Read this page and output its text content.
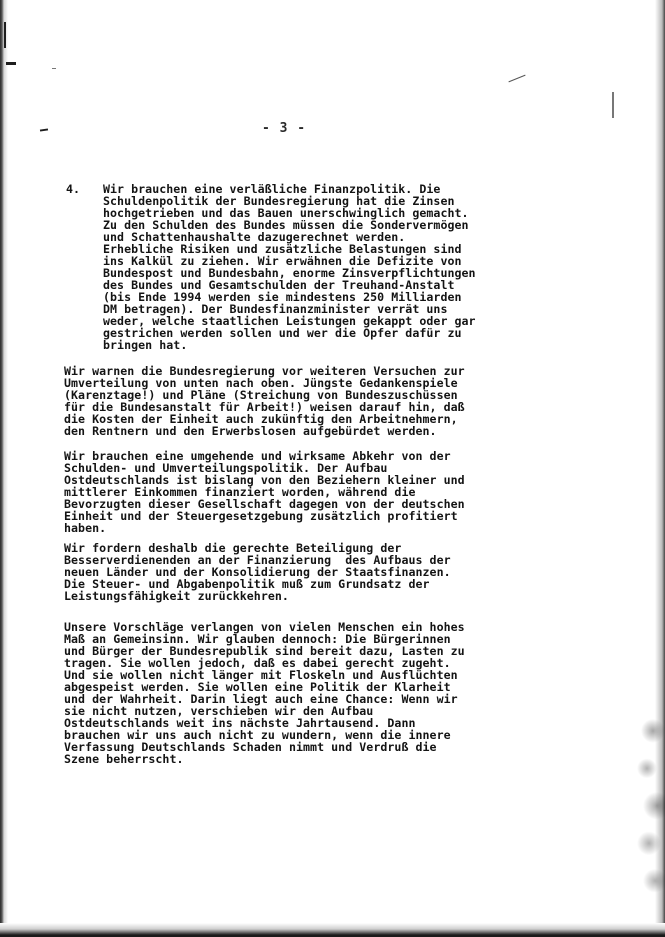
- 3 -
4. Wir brauchen eine verläßliche Finanzpolitik. Die
Schuldenpolitik der Bundesregierung hat die Zinsen
hochgetrieben und das Bauen unerschwinglich gemacht.
Zu den Schulden des Bundes müssen die Sondervermögen
und Schattenhaushalte dazugerechnet werden.
Erhebliche Risiken und zusätzliche Belastungen sind
ins Kalkül zu ziehen. Wir erwähnen die Defizite von
Bundespost und Bundesbahn, enorme Zinsverpflichtungen
des Bundes und Gesamtschulden der Treuhand-Anstalt
(bis Ende 1994 werden sie mindestens 250 Milliarden
DM betragen). Der Bundesfinanzminister verrät uns
weder, welche staatlichen Leistungen gekappt oder gar
gestrichen werden sollen und wer die Opfer dafür zu
bringen hat.
Wir warnen die Bundesregierung vor weiteren Versuchen zur
Umverteilung von unten nach oben. Jüngste Gedankenspiele
(Karenztage!) und Pläne (Streichung von Bundeszuschüssen
für die Bundesanstalt für Arbeit!) weisen darauf hin, daß
die Kosten der Einheit auch zukünftig den Arbeitnehmern,
den Rentnern und den Erwerbslosen aufgebürdet werden.
Wir brauchen eine umgehende und wirksame Abkehr von der
Schulden- und Umverteilungspolitik. Der Aufbau
Ostdeutschlands ist bislang von den Beziehern kleiner und
mittlerer Einkommen finanziert worden, während die
Bevorzugten dieser Gesellschaft dagegen von der deutschen
Einheit und der Steuergesetzgebung zusätzlich profitiert
haben.
Wir fordern deshalb die gerechte Beteiligung der
Besserverdienenden an der Finanzierung  des Aufbaus der
neuen Länder und der Konsolidierung der Staatsfinanzen.
Die Steuer- und Abgabenpolitik muß zum Grundsatz der
Leistungsfähigkeit zurückkehren.
Unsere Vorschläge verlangen von vielen Menschen ein hohes
Maß an Gemeinsinn. Wir glauben dennoch: Die Bürgerinnen
und Bürger der Bundesrepublik sind bereit dazu, Lasten zu
tragen. Sie wollen jedoch, daß es dabei gerecht zugeht.
Und sie wollen nicht länger mit Floskeln und Ausflüchten
abgespeist werden. Sie wollen eine Politik der Klarheit
und der Wahrheit. Darin liegt auch eine Chance: Wenn wir
sie nicht nutzen, verschieben wir den Aufbau
Ostdeutschlands weit ins nächste Jahrtausend. Dann
brauchen wir uns auch nicht zu wundern, wenn die innere
Verfassung Deutschlands Schaden nimmt und Verdruß die
Szene beherrscht.
